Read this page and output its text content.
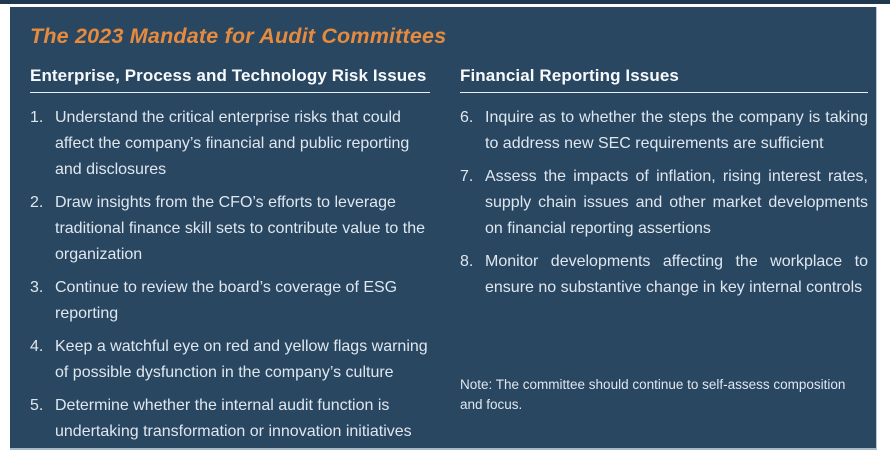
The 2023 Mandate for Audit Committees
Enterprise, Process and Technology Risk Issues
1. Understand the critical enterprise risks that could affect the company’s financial and public reporting and disclosures
2. Draw insights from the CFO’s efforts to leverage traditional finance skill sets to contribute value to the organization
3. Continue to review the board’s coverage of ESG reporting
4. Keep a watchful eye on red and yellow flags warning of possible dysfunction in the company’s culture
5. Determine whether the internal audit function is undertaking transformation or innovation initiatives
Financial Reporting Issues
6. Inquire as to whether the steps the company is taking to address new SEC requirements are sufficient
7. Assess the impacts of inflation, rising interest rates, supply chain issues and other market developments on financial reporting assertions
8. Monitor developments affecting the workplace to ensure no substantive change in key internal controls
Note: The committee should continue to self-assess composition and focus.
